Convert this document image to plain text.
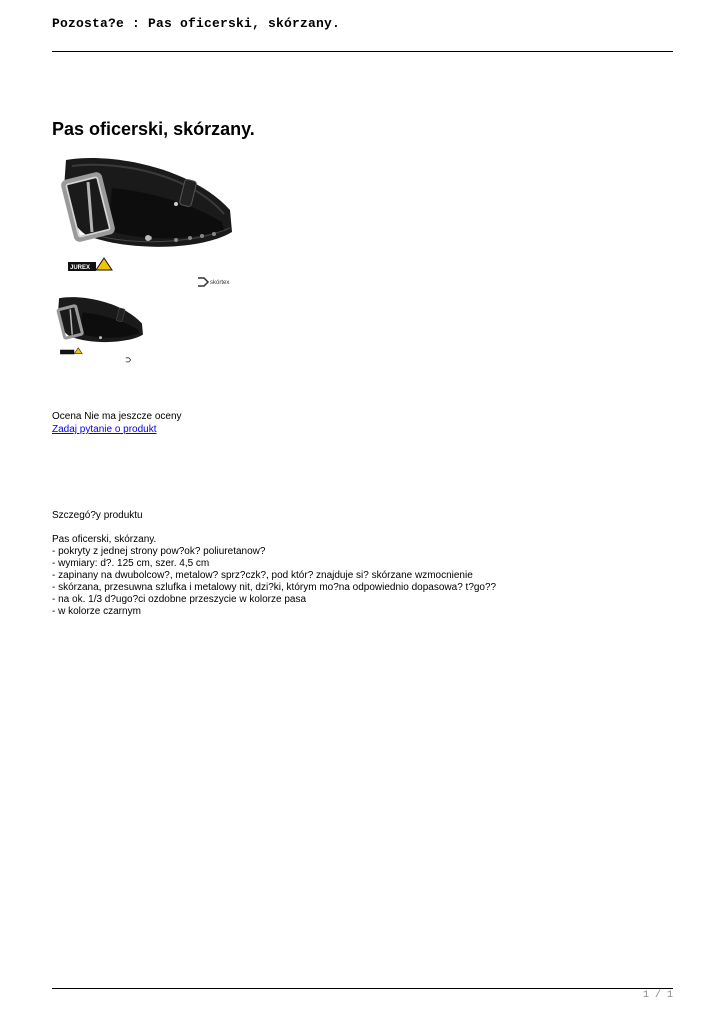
Pozosta?e : Pas oficerski, skórzany.
Pas oficerski, skórzany.
JUREX
skórtex
Ocena Nie ma jeszcze oceny
Zadaj pytanie o produkt
Szczegó?y produktu
Pas oficerski, skórzany.
- pokryty z jednej strony pow?ok? poliuretanow?
- wymiary: d?. 125 cm, szer. 4,5 cm
- zapinany na dwubolcow?, metalow? sprz?czk?, pod któr? znajduje si? skórzane wzmocnienie
- skórzana, przesuwna szlufka i metalowy nit, dzi?ki, którym mo?na odpowiednio dopasowa? t?go??
- na ok. 1/3 d?ugo?ci ozdobne przeszycie w kolorze pasa
- w kolorze czarnym
1 / 1
